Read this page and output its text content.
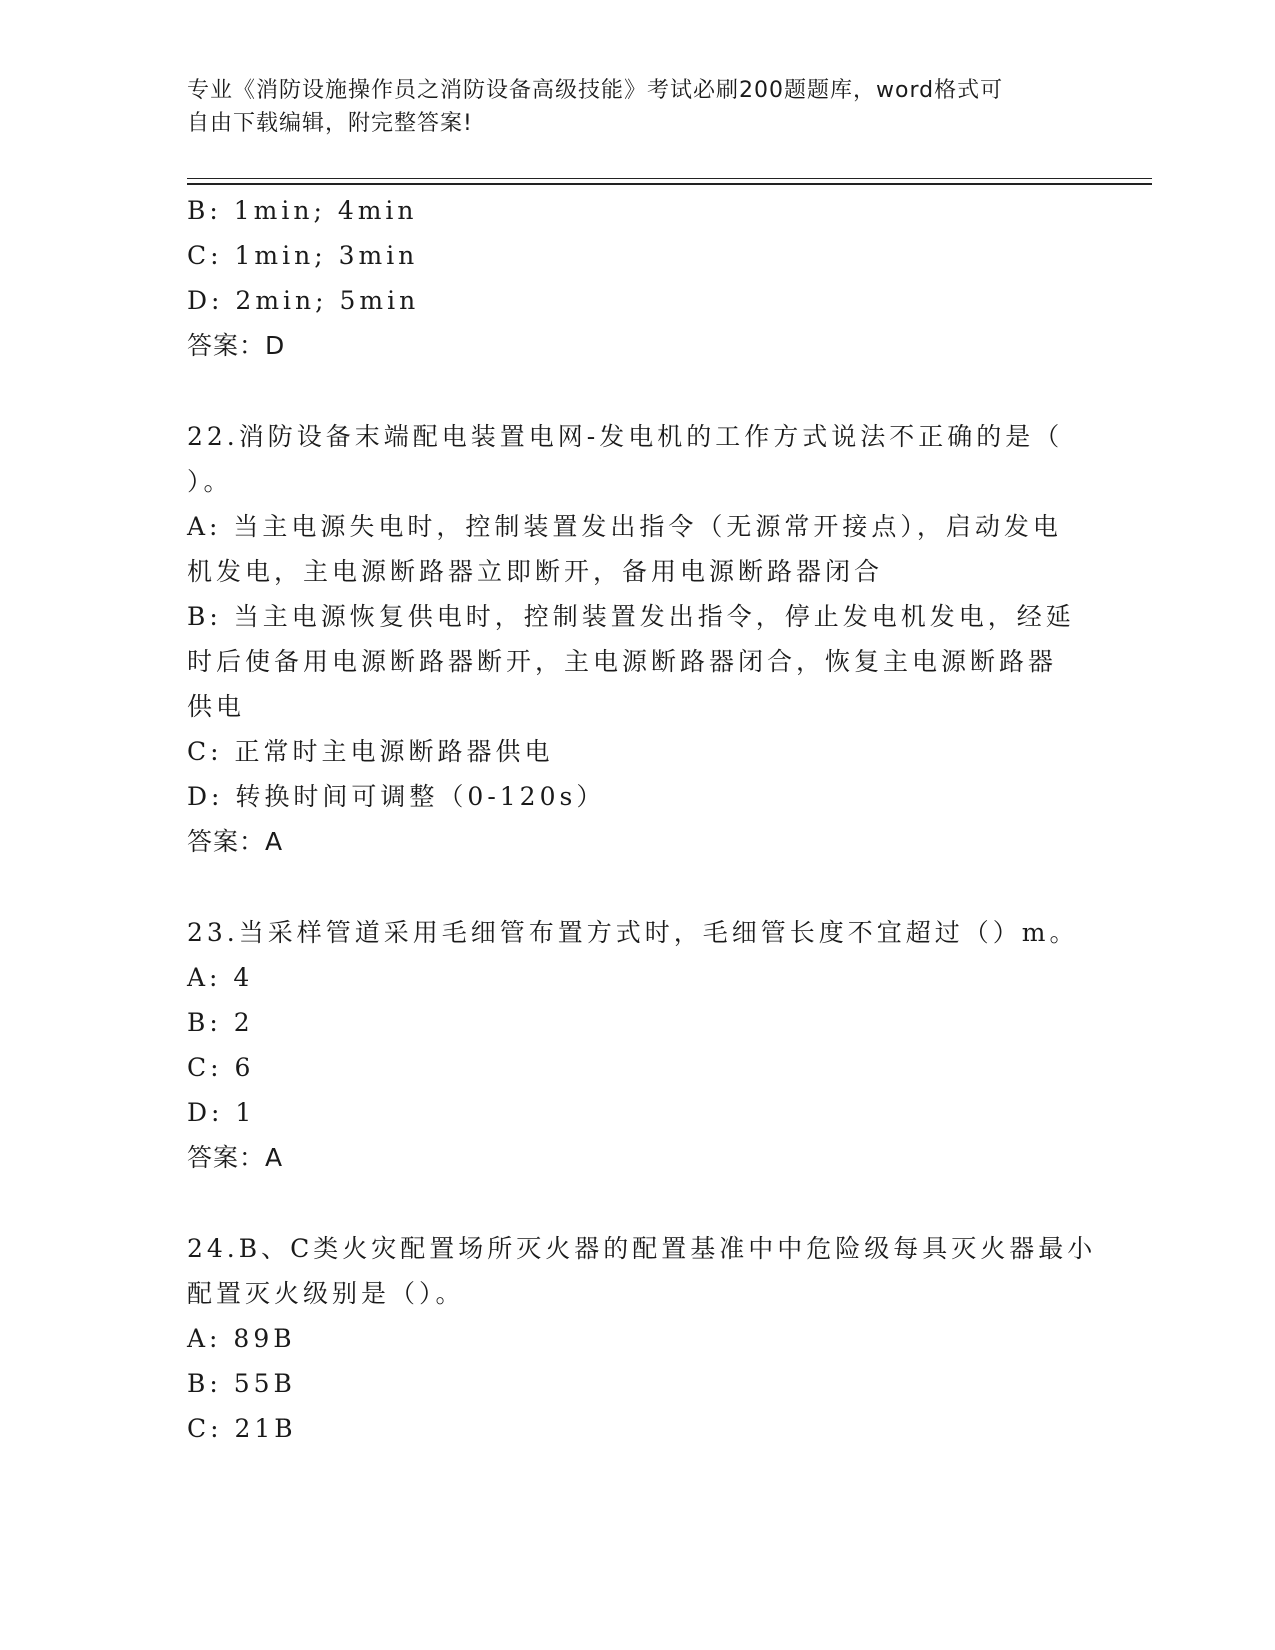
专业《消防设施操作员之消防设备高级技能》考试必刷200题题库，word格式可
自由下载编辑，附完整答案!
B: 1min; 4min
C: 1min; 3min
D: 2min; 5min
答案：D
22.消防设备末端配电装置电网-发电机的工作方式说法不正确的是（
）。
A: 当主电源失电时，控制装置发出指令（无源常开接点），启动发电
机发电，主电源断路器立即断开，备用电源断路器闭合
B: 当主电源恢复供电时，控制装置发出指令，停止发电机发电，经延
时后使备用电源断路器断开，主电源断路器闭合，恢复主电源断路器
供电
C: 正常时主电源断路器供电
D: 转换时间可调整（0-120s）
答案：A
23.当采样管道采用毛细管布置方式时，毛细管长度不宜超过（）m。
A: 4
B: 2
C: 6
D: 1
答案：A
24.B、C类火灾配置场所灭火器的配置基准中中危险级每具灭火器最小
配置灭火级别是（）。
A: 89B
B: 55B
C: 21B
